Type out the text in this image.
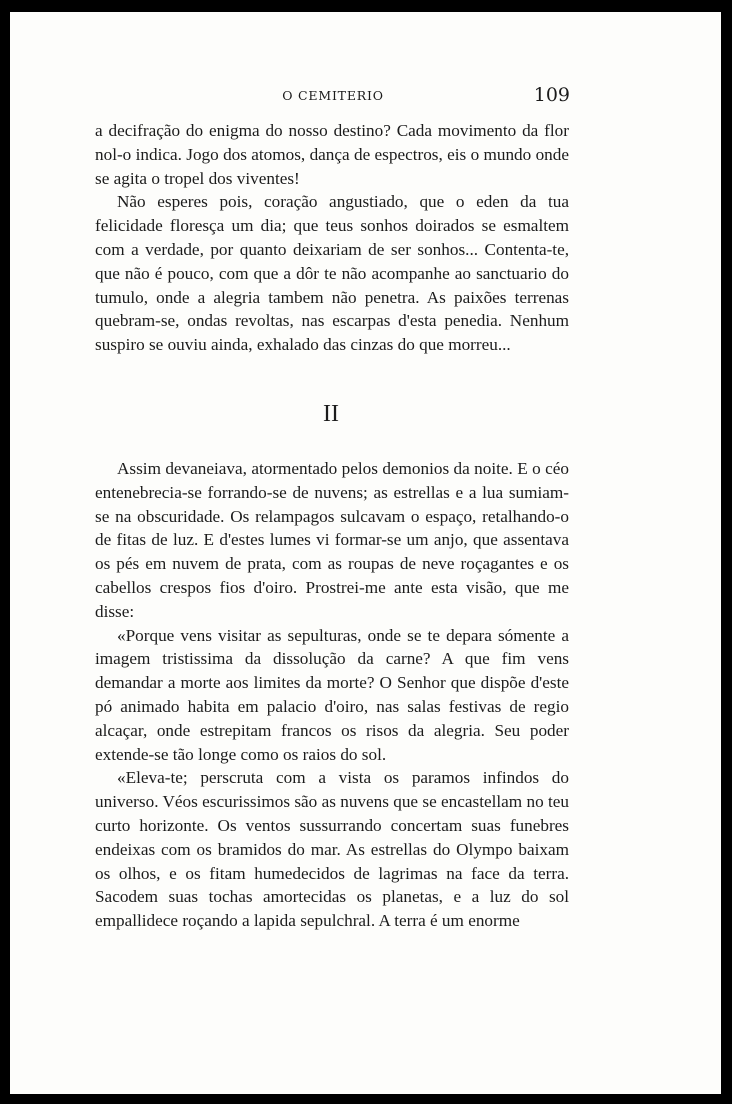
O CEMITERIO	109

a decifração do enigma do nosso destino? Cada movimento da flor nol-o indica. Jogo dos atomos, dança de espectros, eis o mundo onde se agita o tropel dos viventes!

Não esperes pois, coração angustiado, que o eden da tua felicidade floresça um dia; que teus sonhos doirados se esmaltem com a verdade, por quanto deixariam de ser sonhos... Contenta-te, que não é pouco, com que a dôr te não acompanhe ao sanctuario do tumulo, onde a alegria tambem não penetra. As paixões terrenas quebram-se, ondas revoltas, nas escarpas d'esta penedia. Nenhum suspiro se ouviu ainda, exhalado das cinzas do que morreu...

II

Assim devaneiava, atormentado pelos demonios da noite. E o céo entenebrecia-se forrando-se de nuvens; as estrellas e a lua sumiam-se na obscuridade. Os relampagos sulcavam o espaço, retalhando-o de fitas de luz. E d'estes lumes vi formar-se um anjo, que assentava os pés em nuvem de prata, com as roupas de neve roçagantes e os cabellos crespos fios d'oiro. Prostrei-me ante esta visão, que me disse:

«Porque vens visitar as sepulturas, onde se te depara sómente a imagem tristissima da dissolução da carne? A que fim vens demandar a morte aos limites da morte? O Senhor que dispõe d'este pó animado habita em palacio d'oiro, nas salas festivas de regio alcaçar, onde estrepitam francos os risos da alegria. Seu poder extende-se tão longe como os raios do sol.

«Eleva-te; perscruta com a vista os paramos infindos do universo. Véos escurissimos são as nuvens que se encastellam no teu curto horizonte. Os ventos sussurrando concertam suas funebres endeixas com os bramidos do mar. As estrellas do Olympo baixam os olhos, e os fitam humedecidos de lagrimas na face da terra. Sacodem suas tochas amortecidas os planetas, e a luz do sol empallidece roçando a lapida sepulchral. A terra é um enorme
